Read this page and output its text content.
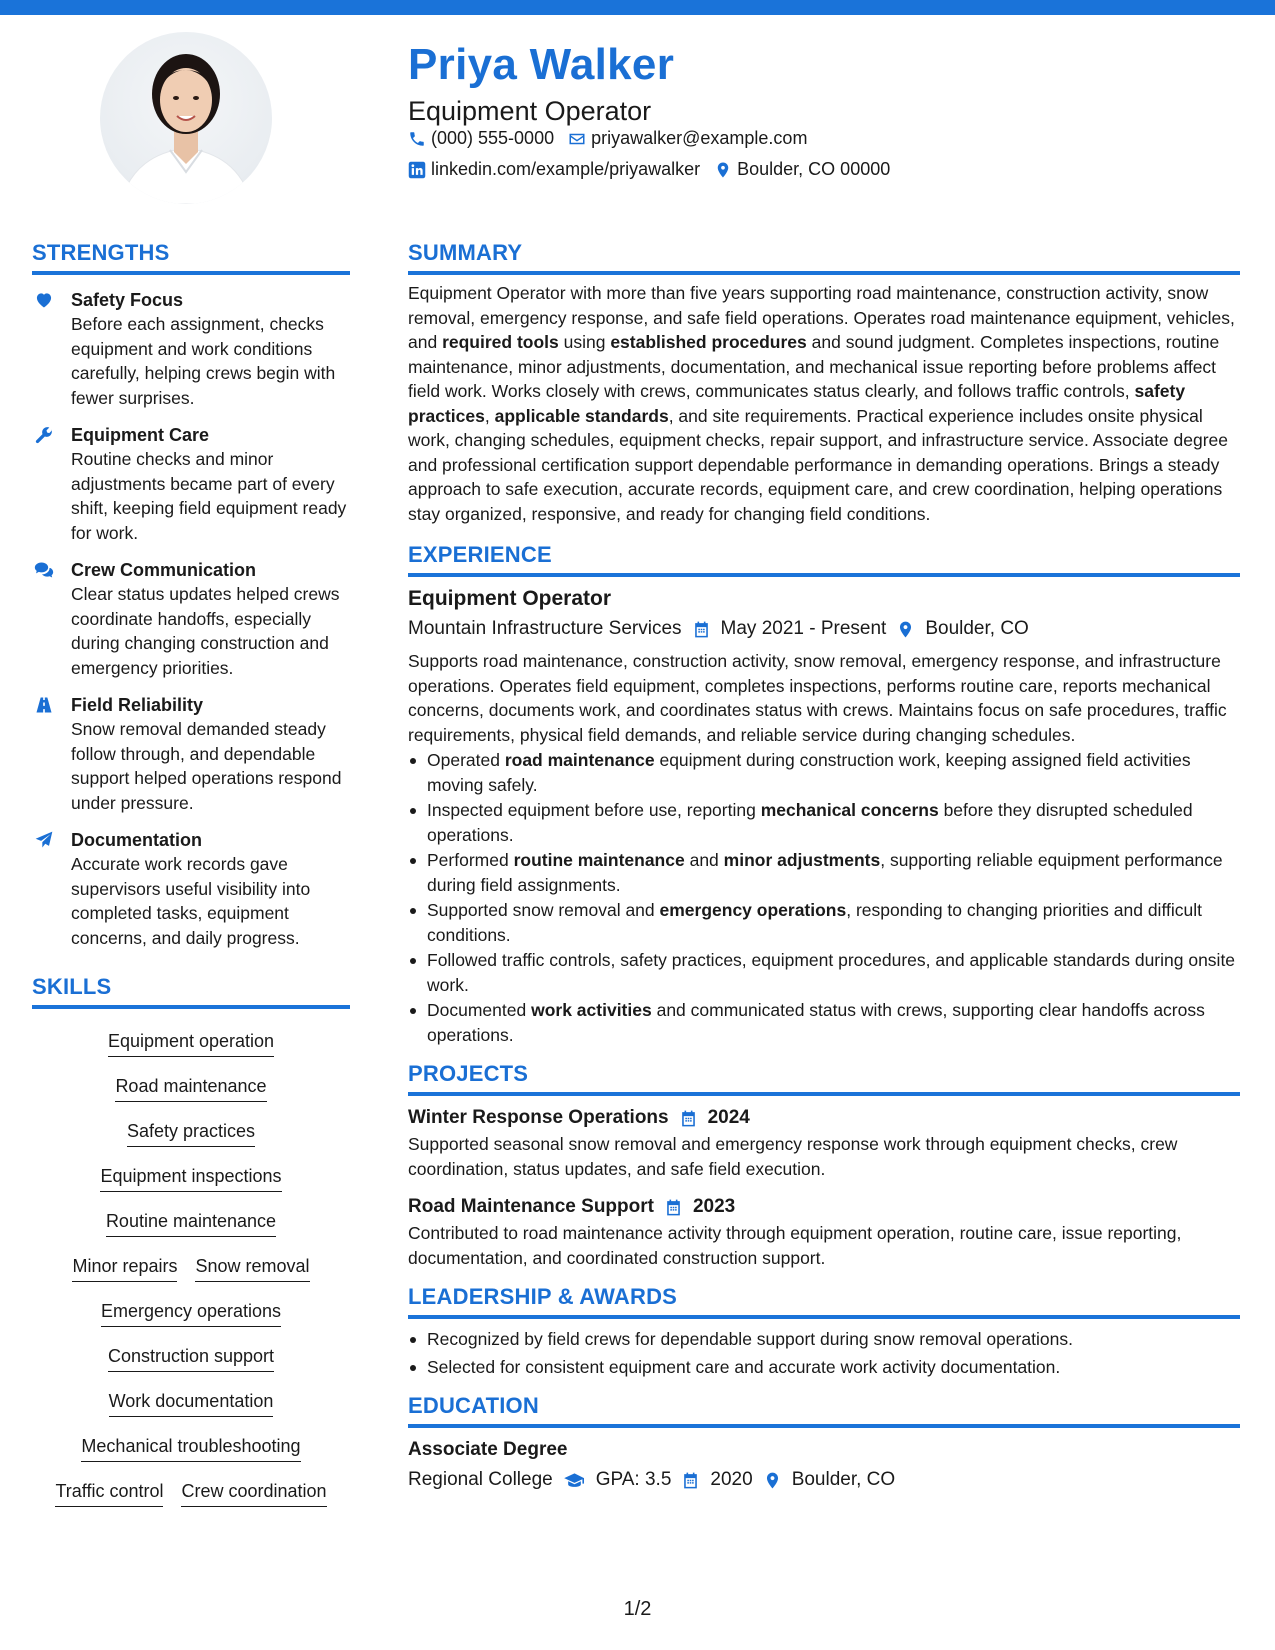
Priya Walker
Equipment Operator
(000) 555-0000 priyawalker@example.com
linkedin.com/example/priyawalker Boulder, CO 00000
STRENGTHS
Safety Focus
Before each assignment, checks equipment and work conditions carefully, helping crews begin with fewer surprises.
Equipment Care
Routine checks and minor adjustments became part of every shift, keeping field equipment ready for work.
Crew Communication
Clear status updates helped crews coordinate handoffs, especially during changing construction and emergency priorities.
Field Reliability
Snow removal demanded steady follow through, and dependable support helped operations respond under pressure.
Documentation
Accurate work records gave supervisors useful visibility into completed tasks, equipment concerns, and daily progress.
SKILLS
Equipment operation
Road maintenance
Safety practices
Equipment inspections
Routine maintenance
Minor repairs Snow removal
Emergency operations
Construction support
Work documentation
Mechanical troubleshooting
Traffic control Crew coordination
SUMMARY
Equipment Operator with more than five years supporting road maintenance, construction activity, snow removal, emergency response, and safe field operations. Operates road maintenance equipment, vehicles, and required tools using established procedures and sound judgment. Completes inspections, routine maintenance, minor adjustments, documentation, and mechanical issue reporting before problems affect field work. Works closely with crews, communicates status clearly, and follows traffic controls, safety practices, applicable standards, and site requirements. Practical experience includes onsite physical work, changing schedules, equipment checks, repair support, and infrastructure service. Associate degree and professional certification support dependable performance in demanding operations. Brings a steady approach to safe execution, accurate records, equipment care, and crew coordination, helping operations stay organized, responsive, and ready for changing field conditions.
EXPERIENCE
Equipment Operator
Mountain Infrastructure Services May 2021 - Present Boulder, CO
Supports road maintenance, construction activity, snow removal, emergency response, and infrastructure operations. Operates field equipment, completes inspections, performs routine care, reports mechanical concerns, documents work, and coordinates status with crews. Maintains focus on safe procedures, traffic requirements, physical field demands, and reliable service during changing schedules.
Operated road maintenance equipment during construction work, keeping assigned field activities moving safely.
Inspected equipment before use, reporting mechanical concerns before they disrupted scheduled operations.
Performed routine maintenance and minor adjustments, supporting reliable equipment performance during field assignments.
Supported snow removal and emergency operations, responding to changing priorities and difficult conditions.
Followed traffic controls, safety practices, equipment procedures, and applicable standards during onsite work.
Documented work activities and communicated status with crews, supporting clear handoffs across operations.
PROJECTS
Winter Response Operations 2024
Supported seasonal snow removal and emergency response work through equipment checks, crew coordination, status updates, and safe field execution.
Road Maintenance Support 2023
Contributed to road maintenance activity through equipment operation, routine care, issue reporting, documentation, and coordinated construction support.
LEADERSHIP & AWARDS
Recognized by field crews for dependable support during snow removal operations.
Selected for consistent equipment care and accurate work activity documentation.
EDUCATION
Associate Degree
Regional College GPA: 3.5 2020 Boulder, CO
1/2
